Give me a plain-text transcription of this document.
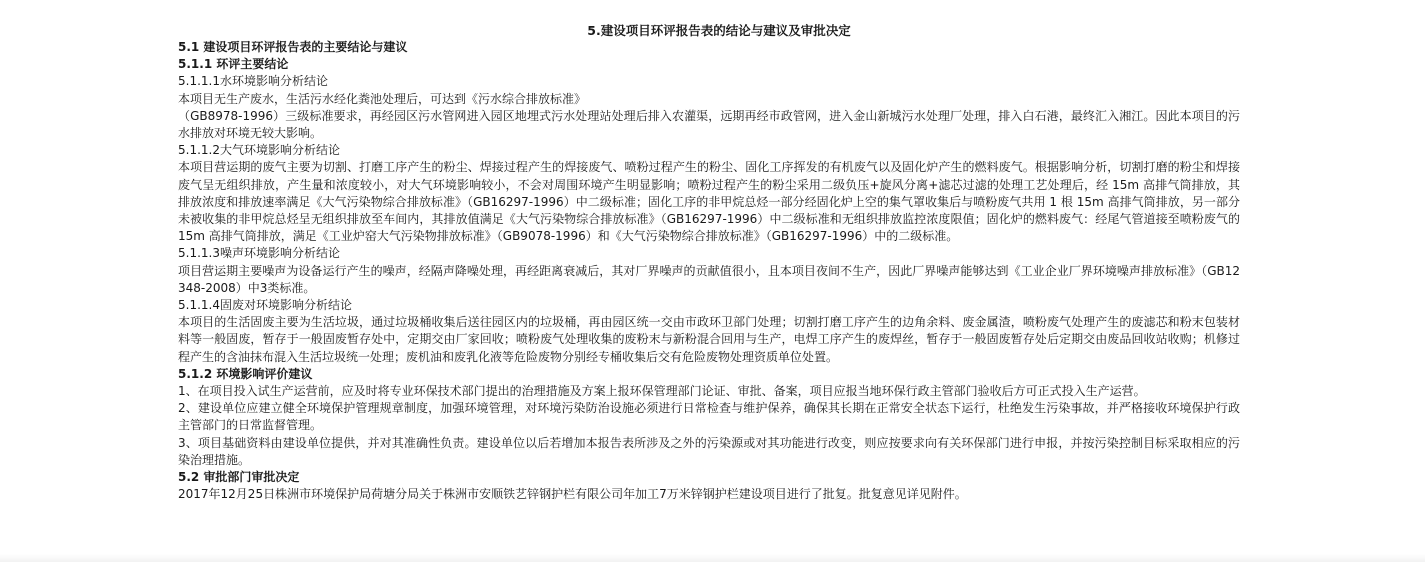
5.建设项目环评报告表的结论与建议及审批决定

5.1 建设项目环评报告表的主要结论与建议

5.1.1 环评主要结论

5.1.1.1水环境影响分析结论

本项目无生产废水，生活污水经化粪池处理后，可达到《污水综合排放标准》

（GB8978-1996）三级标准要求，再经园区污水管网进入园区地埋式污水处理站处理后排入农灌渠，远期再经市政管网，进入金山新城污水处理厂处理，排入白石港，最终汇入湘江。因此本项目的污水排放对环境无较大影响。

5.1.1.2大气环境影响分析结论

本项目营运期的废气主要为切割、打磨工序产生的粉尘、焊接过程产生的焊接废气、喷粉过程产生的粉尘、固化工序挥发的有机废气以及固化炉产生的燃料废气。根据影响分析，切割打磨的粉尘和焊接废气呈无组织排放，产生量和浓度较小，对大气环境影响较小，不会对周围环境产生明显影响；喷粉过程产生的粉尘采用二级负压+旋风分离+滤芯过滤的处理工艺处理后，经 15m 高排气筒排放，其排放浓度和排放速率满足《大气污染物综合排放标准》（GB16297-1996）中二级标准；固化工序的非甲烷总烃一部分经固化炉上空的集气罩收集后与喷粉废气共用 1 根 15m 高排气筒排放，另一部分未被收集的非甲烷总烃呈无组织排放至车间内，其排放值满足《大气污染物综合排放标准》（GB16297-1996）中二级标准和无组织排放监控浓度限值；固化炉的燃料废气：经尾气管道接至喷粉废气的 15m 高排气筒排放，满足《工业炉窑大气污染物排放标准》（GB9078-1996）和《大气污染物综合排放标准》（GB16297-1996）中的二级标准。

5.1.1.3噪声环境影响分析结论

项目营运期主要噪声为设备运行产生的噪声，经隔声降噪处理，再经距离衰减后，其对厂界噪声的贡献值很小，且本项目夜间不生产，因此厂界噪声能够达到《工业企业厂界环境噪声排放标准》（GB12348-2008）中3类标准。

5.1.1.4固废对环境影响分析结论

本项目的生活固废主要为生活垃圾，通过垃圾桶收集后送往园区内的垃圾桶，再由园区统一交由市政环卫部门处理；切割打磨工序产生的边角余料、废金属渣，喷粉废气处理产生的废滤芯和粉末包装材料等一般固废，暂存于一般固废暂存处中，定期交由厂家回收；喷粉废气处理收集的废粉末与新粉混合回用与生产，电焊工序产生的废焊丝，暂存于一般固废暂存处后定期交由废品回收站收购；机修过程产生的含油抹布混入生活垃圾统一处理；废机油和废乳化液等危险废物分别经专桶收集后交有危险废物处理资质单位处置。

5.1.2 环境影响评价建议

1、在项目投入试生产运营前，应及时将专业环保技术部门提出的治理措施及方案上报环保管理部门论证、审批、备案，项目应报当地环保行政主管部门验收后方可正式投入生产运营。

2、建设单位应建立健全环境保护管理规章制度，加强环境管理，对环境污染防治设施必须进行日常检查与维护保养，确保其长期在正常安全状态下运行，杜绝发生污染事故，并严格接收环境保护行政主管部门的日常监督管理。

3、项目基础资料由建设单位提供，并对其准确性负责。建设单位以后若增加本报告表所涉及之外的污染源或对其功能进行改变，则应按要求向有关环保部门进行申报，并按污染控制目标采取相应的污染治理措施。

5.2 审批部门审批决定

2017年12月25日株洲市环境保护局荷塘分局关于株洲市安顺铁艺锌钢护栏有限公司年加工7万米锌钢护栏建设项目进行了批复。批复意见详见附件。
